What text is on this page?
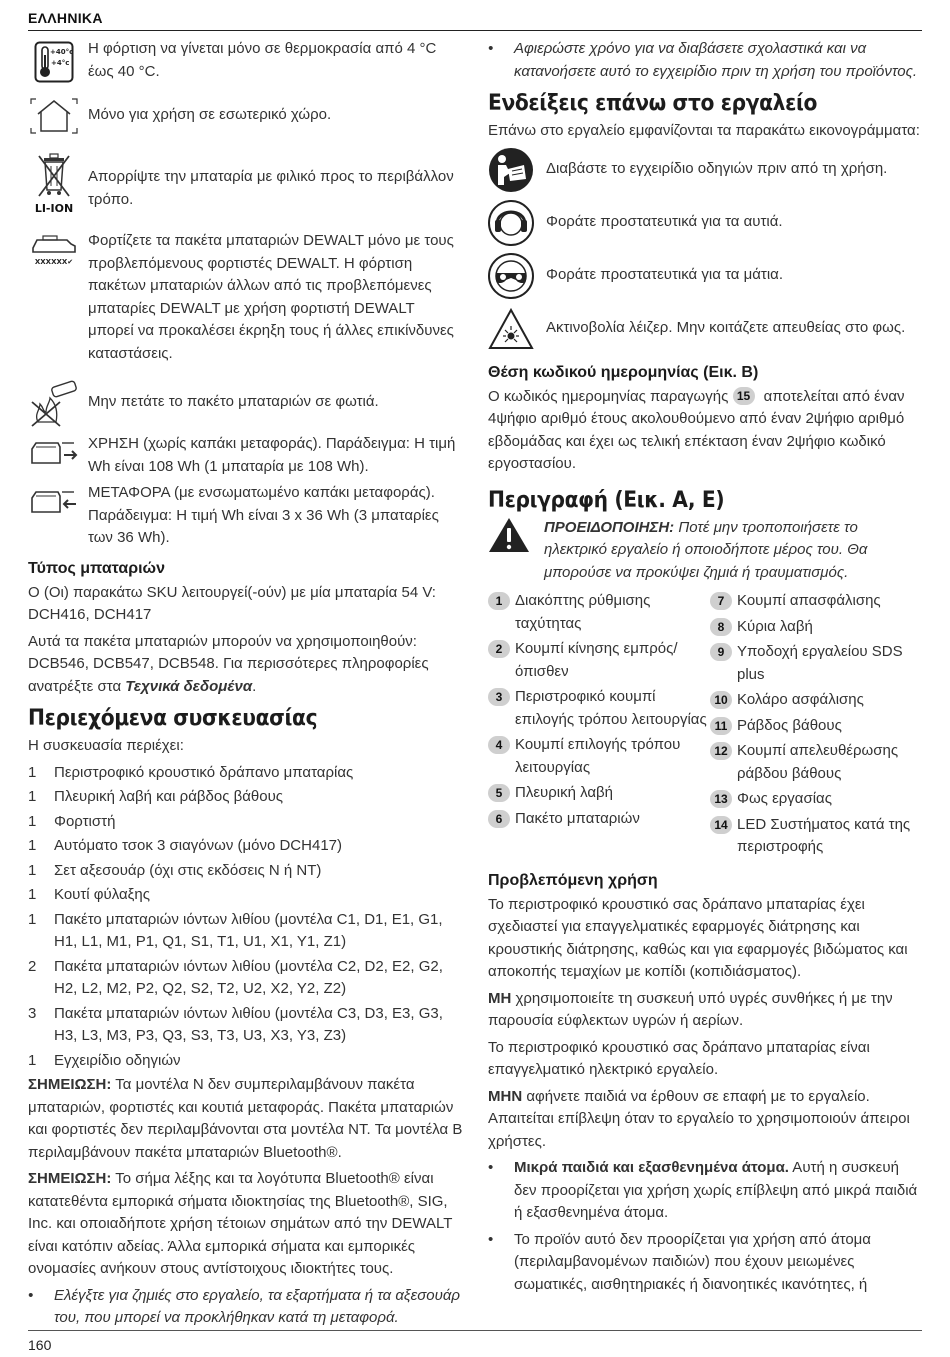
ΕΛΛΗΝΙΚΑ
+40°c
+4°c
Η φόρτιση να γίνεται μόνο σε θερμοκρασία από 4 °C έως 40 °C.
Μόνο για χρήση σε εσωτερικό χώρο.
LI-ION
Απορρίψτε την μπαταρία με φιλικό προς το περιβάλλον τρόπο.
XXXXXX✔
Φορτίζετε τα πακέτα μπαταριών DEWALT μόνο με τους προβλεπόμενους φορτιστές DEWALT. Η φόρτιση πακέτων μπαταριών άλλων από τις προβλεπόμενες μπαταρίες DEWALT με χρήση φορτιστή DEWALT μπορεί να προκαλέσει έκρηξη τους ή άλλες επικίνδυνες καταστάσεις.
Μην πετάτε το πακέτο μπαταριών σε φωτιά.
ΧΡΗΣΗ (χωρίς καπάκι μεταφοράς). Παράδειγμα: Η τιμή Wh είναι 108 Wh (1 μπαταρία με 108 Wh).
ΜΕΤΑΦΟΡΑ (με ενσωματωμένο καπάκι μεταφοράς). Παράδειγμα: Η τιμή Wh είναι 3 x 36 Wh (3 μπαταρίες των 36 Wh).
Τύπος μπαταριών

Ο (Οι) παρακάτω SKU λειτουργεί(-ούν) με μία μπαταρία 54 V: DCH416, DCH417

Αυτά τα πακέτα μπαταριών μπορούν να χρησιμοποιηθούν: DCB546, DCB547, DCB548. Για περισσότερες πληροφορίες ανατρέξτε στα Τεχνικά δεδομένα.

Περιεχόμενα συσκευασίας

Η συσκευασία περιέχει:

1	Περιστροφικό κρουστικό δράπανο μπαταρίας
1	Πλευρική λαβή και ράβδος βάθους
1	Φορτιστή
1	Αυτόματο τσοκ 3 σιαγόνων (μόνο DCH417)
1	Σετ αξεσουάρ (όχι στις εκδόσεις N ή NT)
1	Κουτί φύλαξης
1	Πακέτο μπαταριών ιόντων λιθίου (μοντέλα C1, D1, E1, G1, H1, L1, M1, P1, Q1, S1, T1, U1, X1, Y1, Z1)
2	Πακέτα μπαταριών ιόντων λιθίου (μοντέλα C2, D2, E2, G2, H2, L2, M2, P2, Q2, S2, T2, U2, X2, Y2, Z2)
3	Πακέτα μπαταριών ιόντων λιθίου (μοντέλα C3, D3, E3, G3, H3, L3, M3, P3, Q3, S3, T3, U3, X3, Y3, Z3)
1	Εγχειρίδιο οδηγιών

ΣΗΜΕΙΩΣΗ: Τα μοντέλα N δεν συμπεριλαμβάνουν πακέτα μπαταριών, φορτιστές και κουτιά μεταφοράς. Πακέτα μπαταριών και φορτιστές δεν περιλαμβάνονται στα μοντέλα NT. Τα μοντέλα B περιλαμβάνουν πακέτα μπαταριών Bluetooth®.

ΣΗΜΕΙΩΣΗ: Το σήμα λέξης και τα λογότυπα Bluetooth® είναι κατατεθέντα εμπορικά σήματα ιδιοκτησίας της Bluetooth®, SIG, Inc. και οποιαδήποτε χρήση τέτοιων σημάτων από την DEWALT είναι κατόπιν αδείας. Άλλα εμπορικά σήματα και εμπορικές ονομασίες ανήκουν στους αντίστοιχους ιδιοκτήτες τους.

•	Ελέγξτε για ζημιές στο εργαλείο, τα εξαρτήματα ή τα αξεσουάρ του, που μπορεί να προκλήθηκαν κατά τη μεταφορά.
•	Αφιερώστε χρόνο για να διαβάσετε σχολαστικά και να κατανοήσετε αυτό το εγχειρίδιο πριν τη χρήση του προϊόντος.
Ενδείξεις επάνω στο εργαλείο

Επάνω στο εργαλείο εμφανίζονται τα παρακάτω εικονογράμματα:

Διαβάστε το εγχειρίδιο οδηγιών πριν από τη χρήση.
Φοράτε προστατευτικά για τα αυτιά.
Φοράτε προστατευτικά για τα μάτια.
Ακτινοβολία λέιζερ. Μην κοιτάζετε απευθείας στο φως.
Θέση κωδικού ημερομηνίας (Εικ. B)

Ο κωδικός ημερομηνίας παραγωγής 15 αποτελείται από έναν 4ψήφιο αριθμό έτους ακολουθούμενο από έναν 2ψήφιο αριθμό εβδομάδας και έχει ως τελική επέκταση έναν 2ψήφιο κωδικό εργοστασίου.

Περιγραφή (Εικ. A, E)
ΠΡΟΕΙΔΟΠΟΙΗΣΗ: Ποτέ μην τροποποιήσετε το ηλεκτρικό εργαλείο ή οποιοδήποτε μέρος του. Θα μπορούσε να προκύψει ζημιά ή τραυματισμός.
1 Διακόπτης ρύθμισης ταχύτητας
2 Κουμπί κίνησης εμπρός/ όπισθεν
3 Περιστροφικό κουμπί επιλογής τρόπου λειτουργίας
4 Κουμπί επιλογής τρόπου λειτουργίας
5 Πλευρική λαβή
6 Πακέτο μπαταριών
7 Κουμπί απασφάλισης
8 Κύρια λαβή
9 Υποδοχή εργαλείου SDS plus
10 Κολάρο ασφάλισης
11 Ράβδος βάθους
12 Κουμπί απελευθέρωσης ράβδου βάθους
13 Φως εργασίας
14 LED Συστήματος κατά της περιστροφής
Προβλεπόμενη χρήση

Το περιστροφικό κρουστικό σας δράπανο μπαταρίας έχει σχεδιαστεί για επαγγελματικές εφαρμογές διάτρησης και κρουστικής διάτρησης, καθώς και για εφαρμογές βιδώματος και αποκοπής τεμαχίων με κοπίδι (κοπιδιάσματος).

ΜΗ χρησιμοποιείτε τη συσκευή υπό υγρές συνθήκες ή με την παρουσία εύφλεκτων υγρών ή αερίων.

Το περιστροφικό κρουστικό σας δράπανο μπαταρίας είναι επαγγελματικό ηλεκτρικό εργαλείο.

ΜΗΝ αφήνετε παιδιά να έρθουν σε επαφή με το εργαλείο. Απαιτείται επίβλεψη όταν το εργαλείο το χρησιμοποιούν άπειροι χρήστες.

•	Μικρά παιδιά και εξασθενημένα άτομα. Αυτή η συσκευή δεν προορίζεται για χρήση χωρίς επίβλεψη από μικρά παιδιά ή εξασθενημένα άτομα.
•	Το προϊόν αυτό δεν προορίζεται για χρήση από άτομα (περιλαμβανομένων παιδιών) που έχουν μειωμένες σωματικές, αισθητηριακές ή διανοητικές ικανότητες, ή
160
